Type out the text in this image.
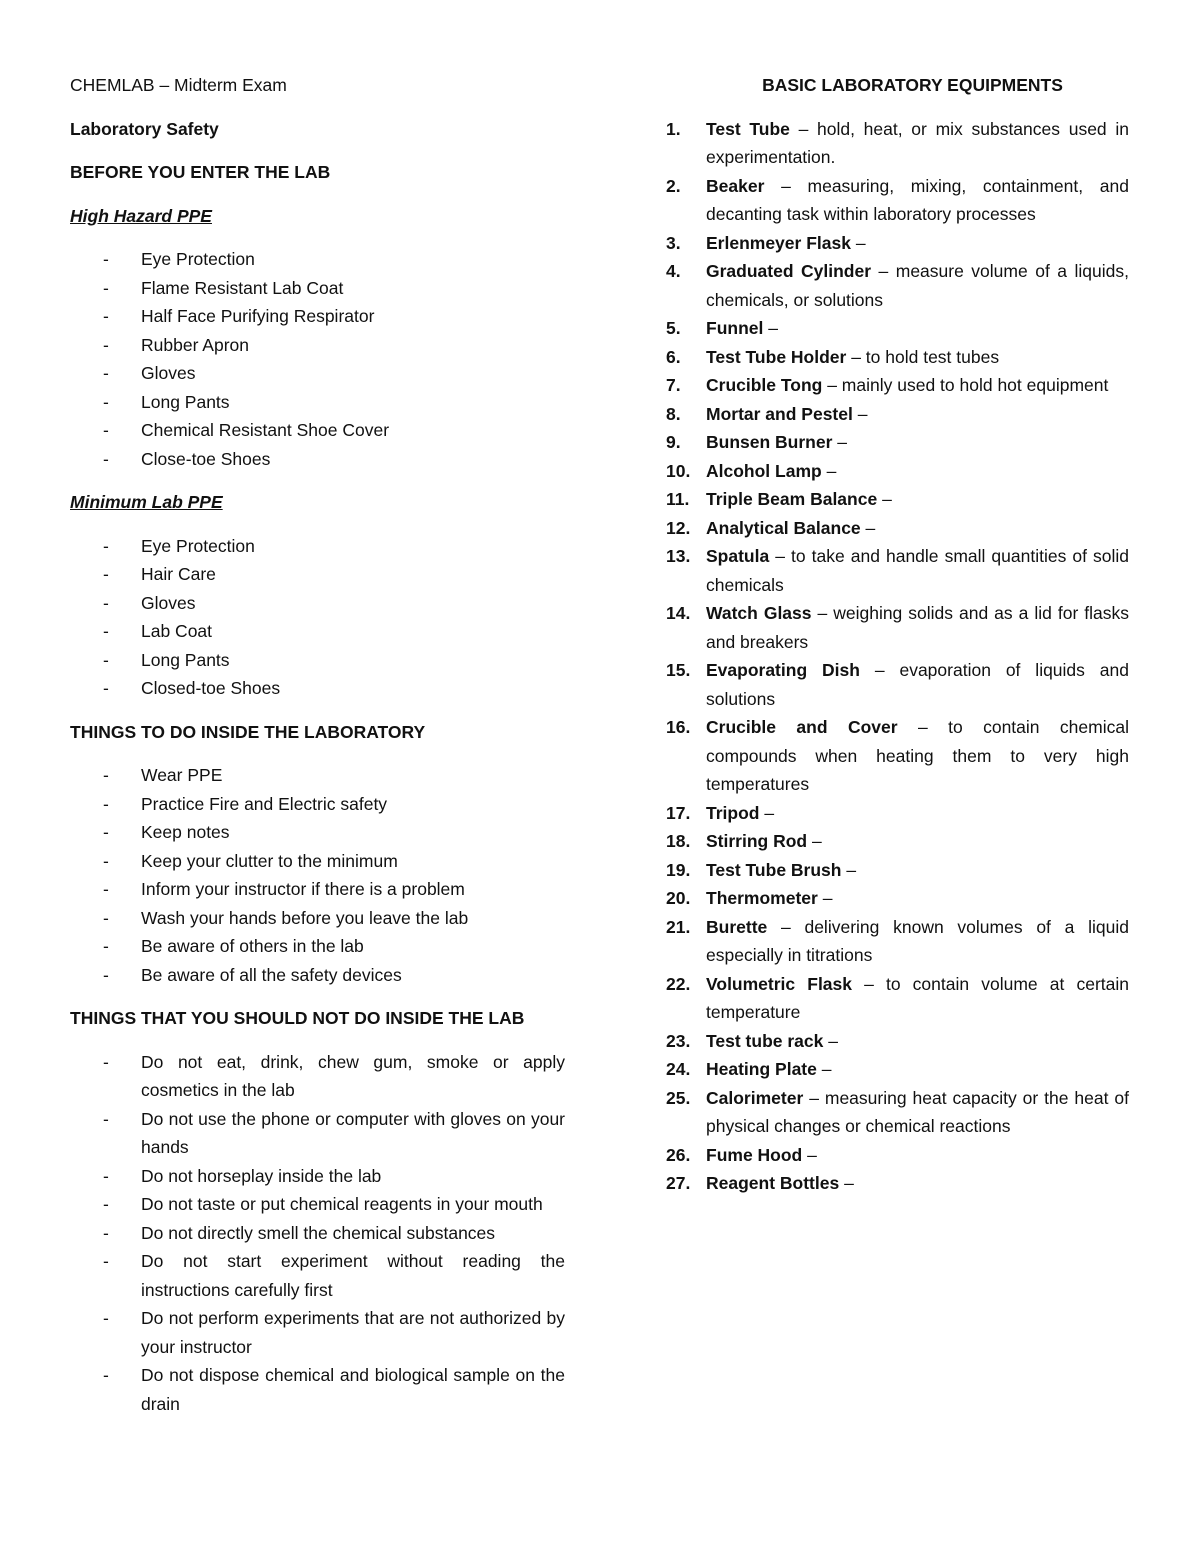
CHEMLAB – Midterm Exam

Laboratory Safety

BEFORE YOU ENTER THE LAB

High Hazard PPE

- Eye Protection
- Flame Resistant Lab Coat
- Half Face Purifying Respirator
- Rubber Apron
- Gloves
- Long Pants
- Chemical Resistant Shoe Cover
- Close-toe Shoes

Minimum Lab PPE

- Eye Protection
- Hair Care
- Gloves
- Lab Coat
- Long Pants
- Closed-toe Shoes

THINGS TO DO INSIDE THE LABORATORY

- Wear PPE
- Practice Fire and Electric safety
- Keep notes
- Keep your clutter to the minimum
- Inform your instructor if there is a problem
- Wash your hands before you leave the lab
- Be aware of others in the lab
- Be aware of all the safety devices

THINGS THAT YOU SHOULD NOT DO INSIDE THE LAB

- Do not eat, drink, chew gum, smoke or apply cosmetics in the lab
- Do not use the phone or computer with gloves on your hands
- Do not horseplay inside the lab
- Do not taste or put chemical reagents in your mouth
- Do not directly smell the chemical substances
- Do not start experiment without reading the instructions carefully first
- Do not perform experiments that are not authorized by your instructor
- Do not dispose chemical and biological sample on the drain

BASIC LABORATORY EQUIPMENTS

1. Test Tube – hold, heat, or mix substances used in experimentation.
2. Beaker – measuring, mixing, containment, and decanting task within laboratory processes
3. Erlenmeyer Flask –
4. Graduated Cylinder – measure volume of a liquids, chemicals, or solutions
5. Funnel –
6. Test Tube Holder – to hold test tubes
7. Crucible Tong – mainly used to hold hot equipment
8. Mortar and Pestel –
9. Bunsen Burner –
10. Alcohol Lamp –
11. Triple Beam Balance –
12. Analytical Balance –
13. Spatula – to take and handle small quantities of solid chemicals
14. Watch Glass – weighing solids and as a lid for flasks and breakers
15. Evaporating Dish – evaporation of liquids and solutions
16. Crucible and Cover – to contain chemical compounds when heating them to very high temperatures
17. Tripod –
18. Stirring Rod –
19. Test Tube Brush –
20. Thermometer –
21. Burette – delivering known volumes of a liquid especially in titrations
22. Volumetric Flask – to contain volume at certain temperature
23. Test tube rack –
24. Heating Plate –
25. Calorimeter – measuring heat capacity or the heat of physical changes or chemical reactions
26. Fume Hood –
27. Reagent Bottles –
